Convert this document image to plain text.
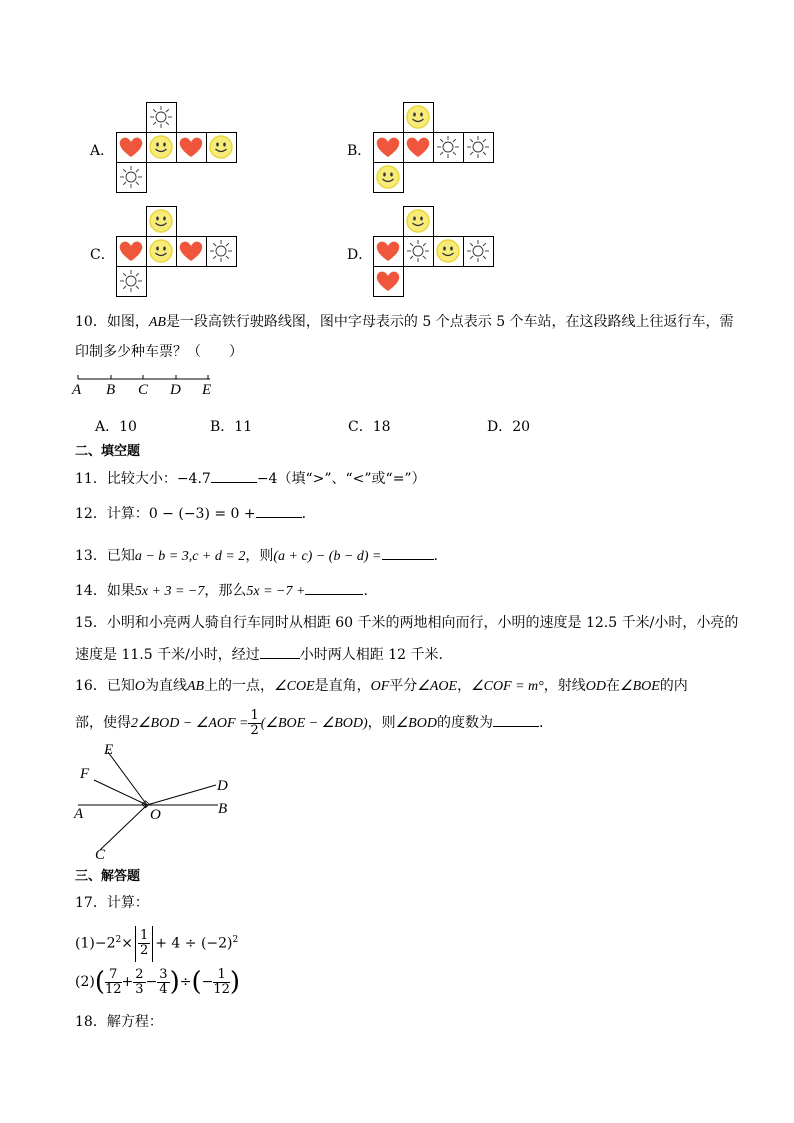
A．	B．
C．	D．
10．如图，AB是一段高铁行驶路线图，图中字母表示的 5 个点表示 5 个车站，在这段路线上往返行车，需
印制多少种车票？（　　）
A B C D E
A．10	B．11	C．18	D．20
二、填空题
11．比较大小：−4.7	−4（填“>”、“<”或“=”）
12．计算：0 − (−3) = 0 +	.
13．已知a − b = 3,c + d = 2，则(a + c) − (b − d) =	.
14．如果5x + 3 = −7，那么5x = −7 +	.
15．小明和小亮两人骑自行车同时从相距 60 千米的两地相向而行，小明的速度是 12.5 千米/小时，小亮的
速度是 11.5 千米/小时，经过	小时两人相距 12 千米.
16．已知O为直线AB上的一点，∠COE是直角，OF平分∠AOE，∠COF = m°，射线OD在∠BOE的内
部，使得2∠BOD − ∠AOF = $\frac{1}{2}$ (∠BOE − ∠BOD)，则∠BOD的度数为	.
E
F
D
A	O	B
C
三、解答题
17．计算：
$(1)-2^2\times \frac{1}{2} + 4 \div (-2)^2$
$(2)( \frac{7}{12} + \frac{2}{3} - \frac{3}{4}$ )÷(− $\frac{1}{12}$ )
18．解方程：
